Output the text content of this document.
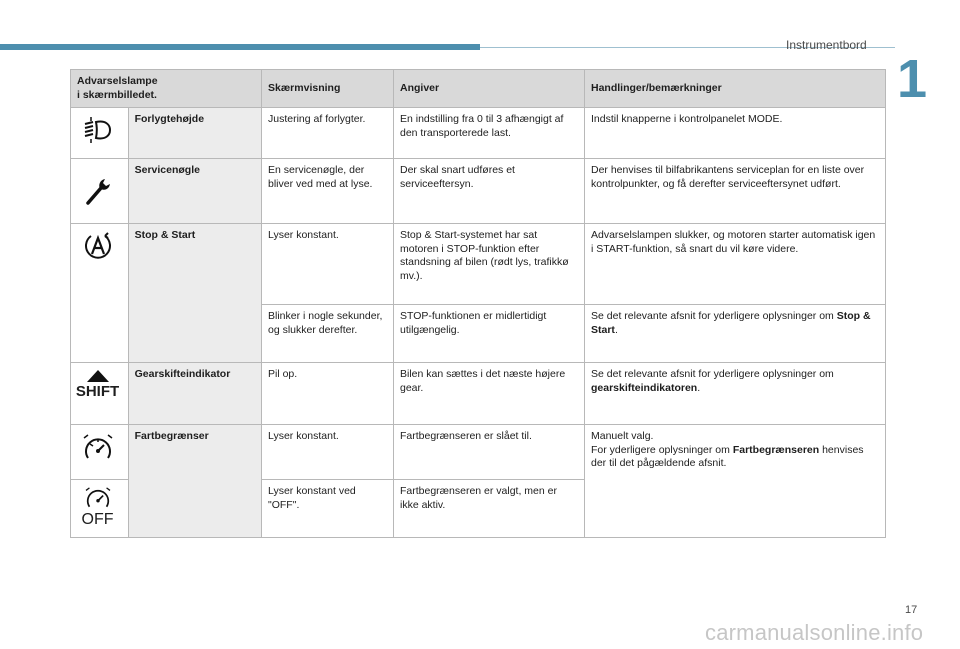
Instrumentbord
1
Advarselslampe
i skærmbilledet.		Skærmvisning	Angiver	Handlinger/bemærkninger

	Forlygtehøjde	Justering af forlygter.	En indstilling fra 0 til 3 afhængigt af den transporterede last.	Indstil knapperne i kontrolpanelet MODE.

	Servicenøgle	En servicenøgle, der bliver ved med at lyse.	Der skal snart udføres et serviceeftersyn.	Der henvises til bilfabrikantens serviceplan for en liste over kontrolpunkter, og få derefter serviceeftersynet udført.

	Stop & Start	Lyser konstant.	Stop & Start-systemet har sat motoren i STOP-funktion efter standsning af bilen (rødt lys, trafikkø mv.).	Advarselslampen slukker, og motoren starter automatisk igen i START-funktion, så snart du vil køre videre.
		Blinker i nogle sekunder, og slukker derefter.	STOP-funktionen er midlertidigt utilgængelig.	Se det relevante afsnit for yderligere oplysninger om Stop & Start.

SHIFT	Gearskifteindikator	Pil op.	Bilen kan sættes i det næste højere gear.	Se det relevante afsnit for yderligere oplysninger om gearskifteindikatoren.

	Fartbegrænser	Lyser konstant.	Fartbegrænseren er slået til.	Manuelt valg.
For yderligere oplysninger om Fartbegrænseren henvises der til det pågældende afsnit.

OFF		Lyser konstant ved "OFF".	Fartbegrænseren er valgt, men er ikke aktiv.	
17
carmanualsonline.info
